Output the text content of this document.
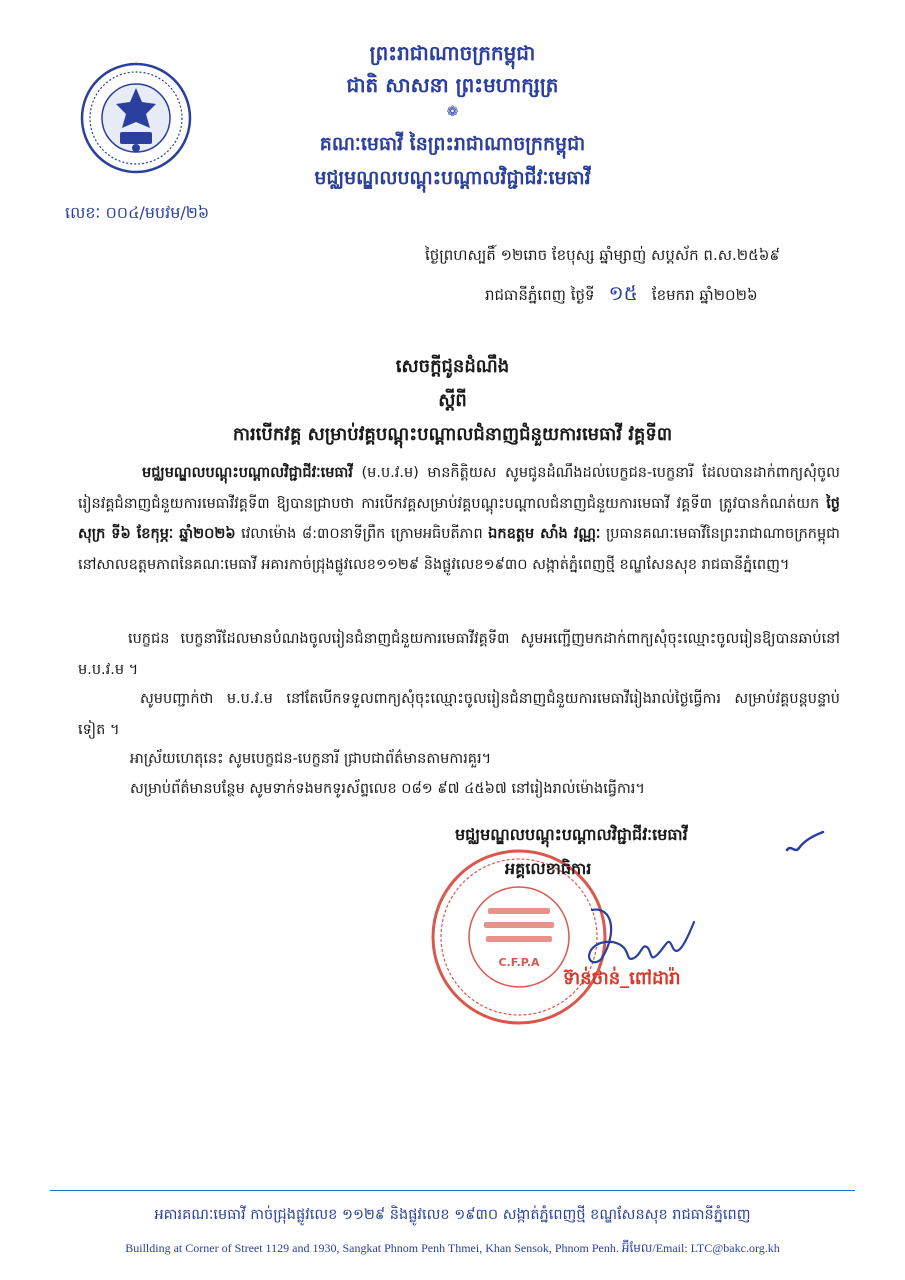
ព្រះរាជាណាចក្រកម្ពុជា
ជាតិ សាសនា ព្រះមហាក្សត្រ
❁
គណៈមេធាវី នៃព្រះរាជាណាចក្រកម្ពុជា
មជ្ឈមណ្ឌលបណ្តុះបណ្តាលវិជ្ជាជីវៈមេធាវី
លេខៈ ០០៤/មបវម/២៦
ថ្ងៃព្រហស្បតិ៍ ១២រោច ខែបុស្ស ឆ្នាំម្សាញ់ សប្តស័ក ព.ស.២៥៦៩
រាជធានីភ្នំពេញ ថ្ងៃទី ១៥ ខែមករា ឆ្នាំ២០២៦
សេចក្តីជូនដំណឹង
ស្តីពី
ការបើកវគ្គ សម្រាប់វគ្គបណ្តុះបណ្តាលជំនាញជំនួយការមេធាវី វគ្គទី៣
មជ្ឈមណ្ឌលបណ្តុះបណ្តាលវិជ្ជាជីវៈមេធាវី (ម.ប.វ.ម) មានកិត្តិយស សូមជូនដំណឹងដល់បេក្ខជន-បេក្ខនារី ដែលបានដាក់ពាក្យសុំចូលរៀនវគ្គជំនាញជំនួយការមេធាវីវគ្គទី៣ ឱ្យបានជ្រាបថា ការបើកវគ្គសម្រាប់វគ្គបណ្តុះបណ្តាលជំនាញជំនួយការមេធាវី វគ្គទី៣ ត្រូវបានកំណត់យក ថ្ងៃសុក្រ ទី៦ ខែកុម្ភៈ ឆ្នាំ២០២៦ វេលាម៉ោង ៨:៣០នាទីព្រឹក ក្រោមអធិបតីភាព ឯកឧត្តម សាំង វណ្ណៈ ប្រធានគណៈមេធាវីនៃព្រះរាជាណាចក្រកម្ពុជា នៅសាលឧត្តមភាពនៃគណៈមេធាវី អគារកាច់ជ្រុងផ្លូវលេខ១១២៩ និងផ្លូវលេខ១៩៣០ សង្កាត់ភ្នំពេញថ្មី ខណ្ឌសែនសុខ រាជធានីភ្នំពេញ។
បេក្ខជន បេក្ខនារីដែលមានបំណងចូលរៀនជំនាញជំនួយការមេធាវីវគ្គទី៣ សូមអញ្ជើញមកដាក់ពាក្យសុំចុះឈ្មោះចូលរៀនឱ្យបានឆាប់នៅ ម.ប.វ.ម ។
សូមបញ្ជាក់ថា ម.ប.វ.ម នៅតែបើកទទួលពាក្យសុំចុះឈ្មោះចូលរៀនជំនាញជំនួយការមេធាវីរៀងរាល់ថ្ងៃធ្វើការ សម្រាប់វគ្គបន្តបន្ទាប់ទៀត ។
អាស្រ័យហេតុនេះ សូមបេក្ខជន-បេក្ខនារី ជ្រាបជាព័ត៌មានតាមការគួរ។
សម្រាប់ព័ត៌មានបន្ថែម សូមទាក់ទងមកទូរស័ព្ទលេខ ០៨១ ៩៧ ៤៥៦៧ នៅរៀងរាល់ម៉ោងធ្វើការ។
C.F.P.A
មជ្ឈមណ្ឌលបណ្តុះបណ្តាលវិជ្ជាជីវៈមេធាវី
អគ្គលេខាធិការ
ទ៊ាន់ថាន់_ពៅដារ៉ា
អគារគណៈមេធាវី កាច់ជ្រុងផ្លូវលេខ ១១២៩ និងផ្លូវលេខ ១៩៣០ សង្កាត់ភ្នំពេញថ្មី ខណ្ឌសែនសុខ រាជធានីភ្នំពេញ
Buillding at Corner of Street 1129 and 1930, Sangkat Phnom Penh Thmei, Khan Sensok, Phnom Penh. អ៊ីមែល/Email: LTC@bakc.org.kh
